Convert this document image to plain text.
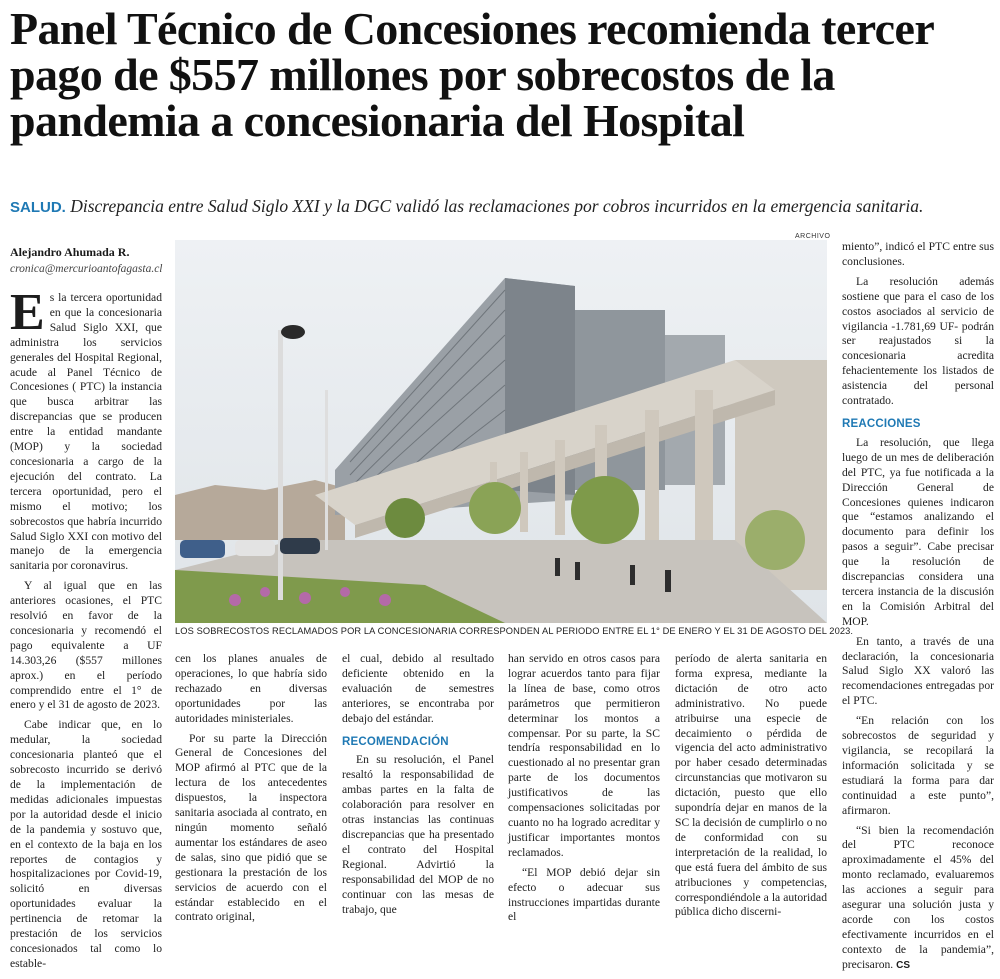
Panel Técnico de Concesiones recomienda tercer pago de $557 millones por sobrecostos de la pandemia a concesionaria del Hospital
SALUD. Discrepancia entre Salud Siglo XXI y la DGC validó las reclamaciones por cobros incurridos en la emergencia sanitaria.
Alejandro Ahumada R.
cronica@mercurioantofagasta.cl
ARCHIVO
LOS SOBRECOSTOS RECLAMADOS POR LA CONCESIONARIA CORRESPONDEN AL PERIODO ENTRE EL 1° DE ENERO Y EL 31 DE AGOSTO DEL 2023.

Es la tercera oportunidad en que la concesionaria Salud Siglo XXI, que administra los servicios generales del Hospital Regional, acude al Panel Técnico de Concesiones ( PTC) la instancia que busca arbitrar las discrepancias que se producen entre la entidad mandante (MOP) y la sociedad concesionaria a cargo de la ejecución del contrato. La tercera oportunidad, pero el mismo el motivo; los sobrecostos que habría incurrido Salud Siglo XXI con motivo del manejo de la emergencia sanitaria por coronavirus.

Y al igual que en las anteriores ocasiones, el PTC resolvió en favor de la concesionaria y recomendó el pago equivalente a UF 14.303,26 ($557 millones aprox.) en el período comprendido entre el 1° de enero y el 31 de agosto de 2023.

Cabe indicar que, en lo medular, la sociedad concesionaria planteó que el sobrecosto incurrido se derivó de la implementación de medidas adicionales impuestas por la autoridad desde el inicio de la pandemia y sostuvo que, en el contexto de la baja en los reportes de contagios y hospitalizaciones por Covid-19, solicitó en diversas oportunidades evaluar la pertinencia de retomar la prestación de los servicios concesionados tal como lo estable-

cen los planes anuales de operaciones, lo que habría sido rechazado en diversas oportunidades por las autoridades ministeriales.

Por su parte la Dirección General de Concesiones del MOP afirmó al PTC que de la lectura de los antecedentes dispuestos, la inspectora sanitaria asociada al contrato, en ningún momento señaló aumentar los estándares de aseo de salas, sino que pidió que se gestionara la prestación de los servicios de acuerdo con el estándar establecido en el contrato original,

el cual, debido al resultado deficiente obtenido en la evaluación de semestres anteriores, se encontraba por debajo del estándar.

RECOMENDACIÓN

En su resolución, el Panel resaltó la responsabilidad de ambas partes en la falta de colaboración para resolver en otras instancias las continuas discrepancias que ha presentado el contrato del Hospital Regional. Advirtió la responsabilidad del MOP de no continuar con las mesas de trabajo, que

han servido en otros casos para lograr acuerdos tanto para fijar la línea de base, como otros parámetros que permitieron determinar los montos a compensar. Por su parte, la SC tendría responsabilidad en lo cuestionado al no presentar gran parte de los documentos justificativos de las compensaciones solicitadas por cuanto no ha logrado acreditar y justificar importantes montos reclamados.

“El MOP debió dejar sin efecto o adecuar sus instrucciones impartidas durante el

período de alerta sanitaria en forma expresa, mediante la dictación de otro acto administrativo. No puede atribuirse una especie de decaimiento o pérdida de vigencia del acto administrativo por haber cesado determinadas circunstancias que motivaron su dictación, puesto que ello supondría dejar en manos de la SC la decisión de cumplirlo o no de conformidad con su interpretación de la realidad, lo que está fuera del ámbito de sus atribuciones y competencias, correspondiéndole a la autoridad pública dicho discerni-

miento”, indicó el PTC entre sus conclusiones.

La resolución además sostiene que para el caso de los costos asociados al servicio de vigilancia -1.781,69 UF- podrán ser reajustados si la concesionaria acredita fehacientemente los listados de asistencia del personal contratado.

REACCIONES

La resolución, que llega luego de un mes de deliberación del PTC, ya fue notificada a la Dirección General de Concesiones quienes indicaron que “estamos analizando el documento para definir los pasos a seguir”. Cabe precisar que la resolución de discrepancias considera una tercera instancia de la discusión en la Comisión Arbitral del MOP.

En tanto, a través de una declaración, la concesionaria Salud Siglo XX valoró las recomendaciones entregadas por el PTC.

“En relación con los sobrecostos de seguridad y vigilancia, se recopilará la información solicitada y se estudiará la forma para dar continuidad a este punto”, afirmaron.

“Si bien la recomendación del PTC reconoce aproximadamente el 45% del monto reclamado, evaluaremos las acciones a seguir para asegurar una solución justa y acorde con los costos efectivamente incurridos en el contexto de la pandemia”, precisaron. CS
